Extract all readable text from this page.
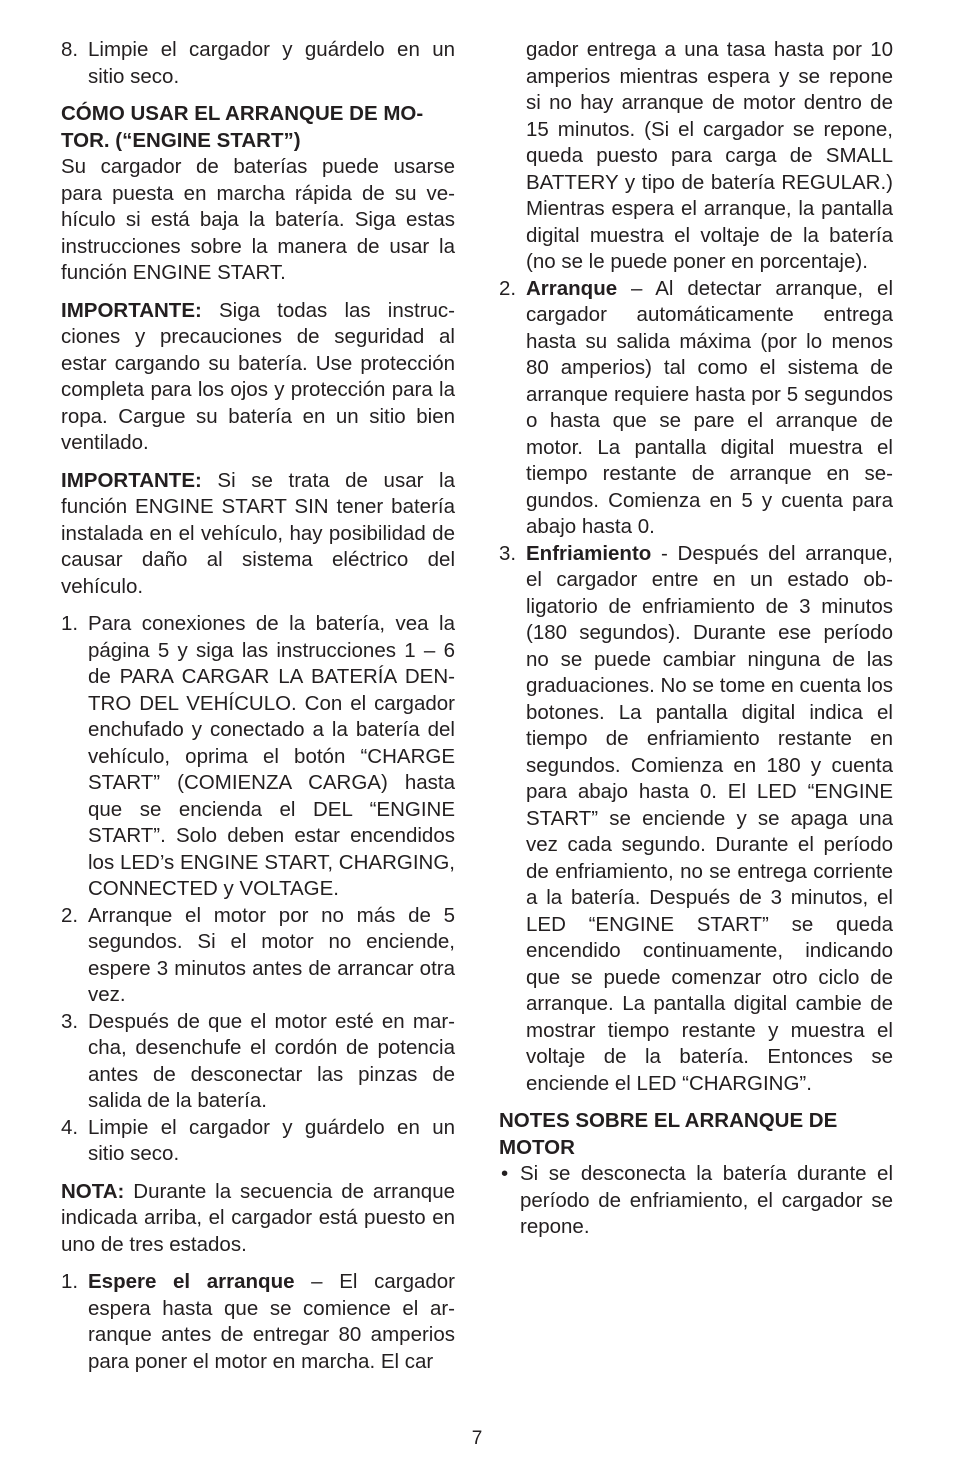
8. Limpie el cargador y guárdelo en un sitio seco.

CÓMO USAR EL ARRANQUE DE MOTOR. (“ENGINE START”)

Su cargador de baterías puede usarse para puesta en marcha rápida de su vehículo si está baja la batería. Siga estas instrucciones sobre la manera de usar la función ENGINE START.

IMPORTANTE: Siga todas las instrucciones y precauciones de seguridad al estar cargando su batería. Use protección completa para los ojos y protección para la ropa. Cargue su batería en un sitio bien ventilado.

IMPORTANTE: Si se trata de usar la función ENGINE START SIN tener batería instalada en el vehículo, hay posibilidad de causar daño al sistema eléctrico del vehículo.

1. Para conexiones de la batería, vea la página 5 y siga las instrucciones 1 – 6 de PARA CARGAR LA BATERÍA DENTRO DEL VEHÍCULO. Con el cargador enchufado y conectado a la batería del vehículo, oprima el botón “CHARGE START” (COMIENZA CARGA) hasta que se encienda el DEL “ENGINE START”. Solo deben estar encendidos los LED’s ENGINE START, CHARGING, CONNECTED y VOLTAGE.
2. Arranque el motor por no más de 5 segundos. Si el motor no enciende, espere 3 minutos antes de arrancar otra vez.
3. Después de que el motor esté en marcha, desenchufe el cordón de potencia antes de desconectar las pinzas de salida de la batería.
4. Limpie el cargador y guárdelo en un sitio seco.

NOTA: Durante la secuencia de arranque indicada arriba, el cargador está puesto en uno de tres estados.

1. Espere el arranque – El cargador espera hasta que se comience el arranque antes de entregar 80 amperios para poner el motor en marcha. El car
gador entrega a una tasa hasta por 10 amperios mientras espera y se repone si no hay arranque de motor dentro de 15 minutos. (Si el cargador se repone, queda puesto para carga de SMALL BATTERY y tipo de batería REGULAR.) Mientras espera el arranque, la pantalla digital muestra el voltaje de la batería (no se le puede poner en porcentaje).
2. Arranque – Al detectar arranque, el cargador automáticamente entrega hasta su salida máxima (por lo menos 80 amperios) tal como el sistema de arranque requiere hasta por 5 segundos o hasta que se pare el arranque de motor. La pantalla digital muestra el tiempo restante de arranque en segundos. Comienza en 5 y cuenta para abajo hasta 0.
3. Enfriamiento - Después del arranque, el cargador entre en un estado obligatorio de enfriamiento de 3 minutos (180 segundos). Durante ese período no se puede cambiar ninguna de las graduaciones. No se tome en cuenta los botones. La pantalla digital indica el tiempo de enfriamiento restante en segundos. Comienza en 180 y cuenta para abajo hasta 0. El LED “ENGINE START” se enciende y se apaga una vez cada segundo. Durante el período de enfriamiento, no se entrega corriente a la batería. Después de 3 minutos, el LED “ENGINE START” se queda encendido continuamente, indicando que se puede comenzar otro ciclo de arranque. La pantalla digital cambie de mostrar tiempo restante y muestra el voltaje de la batería. Entonces se enciende el LED “CHARGING”.

NOTES SOBRE EL ARRANQUE DE MOTOR

• Si se desconecta la batería durante el período de enfriamiento, el cargador se repone.
7
